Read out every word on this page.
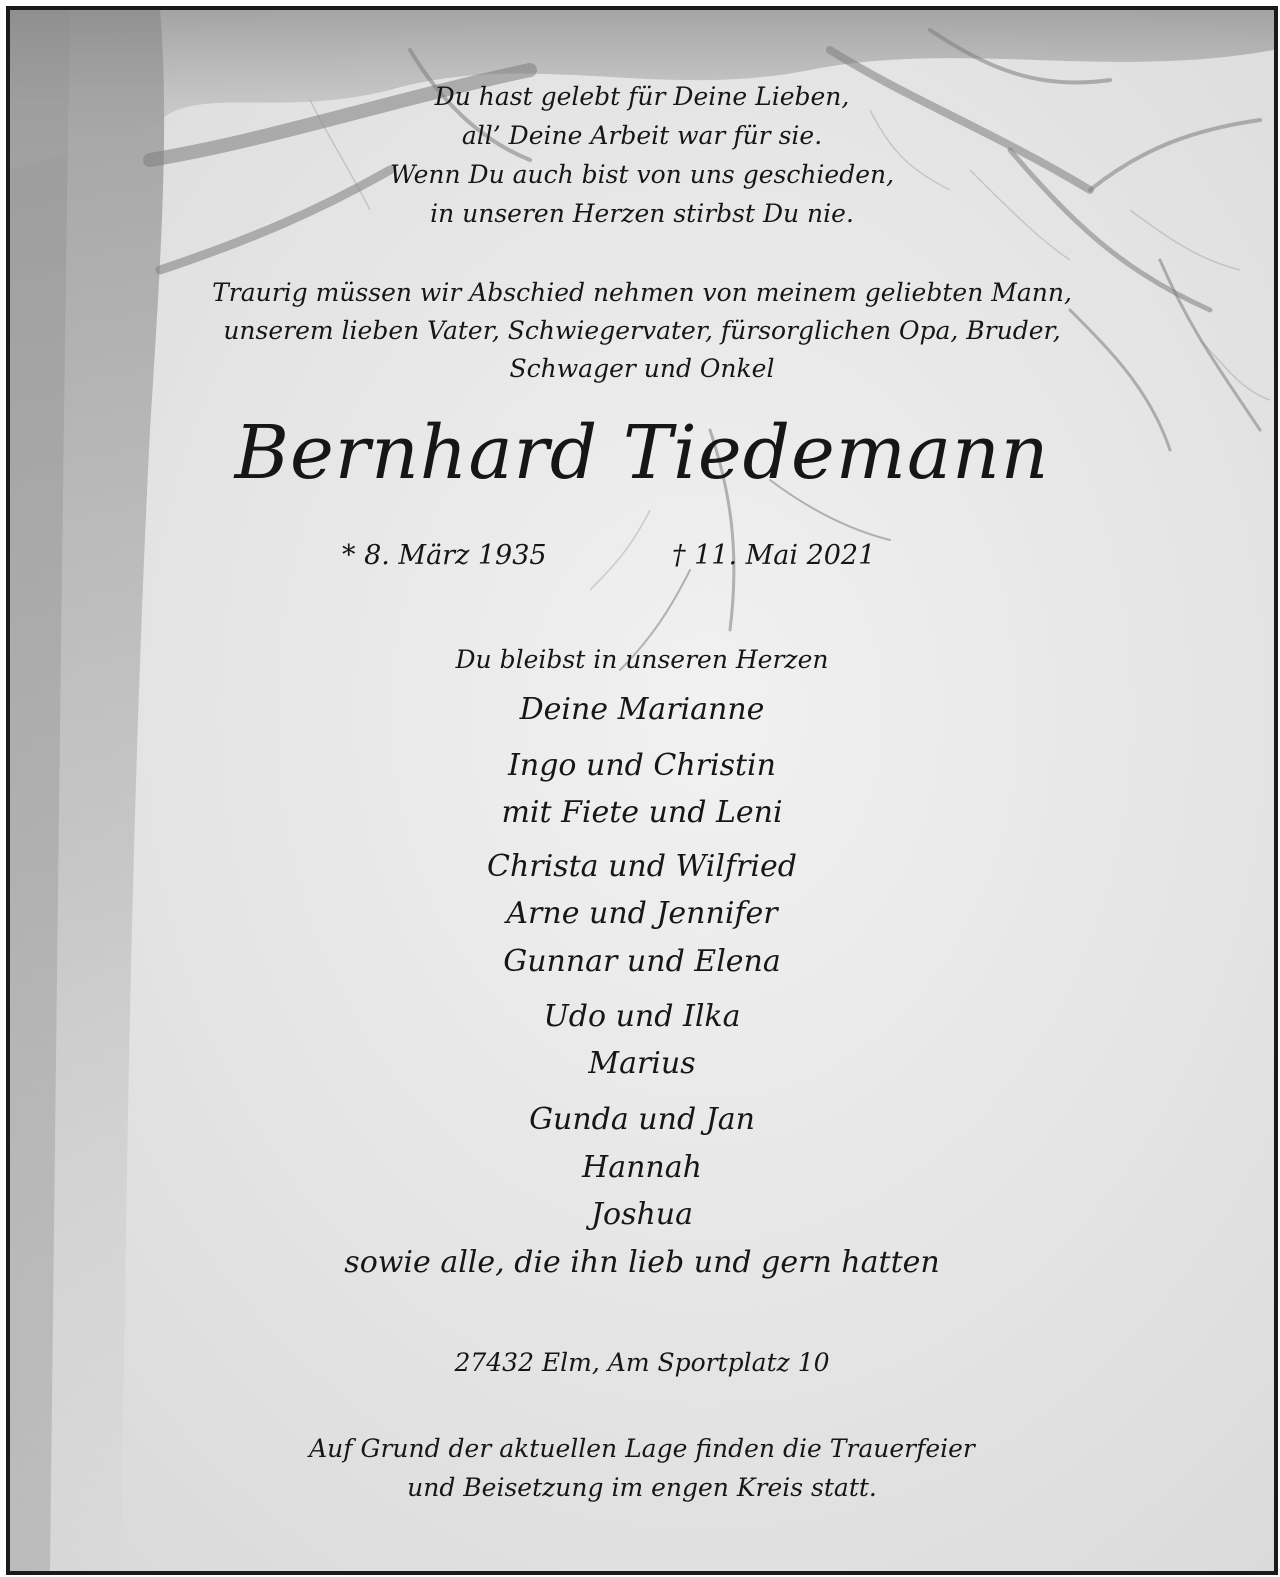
Du hast gelebt für Deine Lieben,
all’ Deine Arbeit war für sie.
Wenn Du auch bist von uns geschieden,
in unseren Herzen stirbst Du nie.
Traurig müssen wir Abschied nehmen von meinem geliebten Mann,
unserem lieben Vater, Schwiegervater, fürsorglichen Opa, Bruder,
Schwager und Onkel
Bernhard Tiedemann
* 8. März 1935	† 11. Mai 2021
Du bleibst in unseren Herzen
Deine Marianne
Ingo und Christin
mit Fiete und Leni
Christa und Wilfried
Arne und Jennifer
Gunnar und Elena
Udo und Ilka
Marius
Gunda und Jan
Hannah
Joshua
sowie alle, die ihn lieb und gern hatten
27432 Elm, Am Sportplatz 10
Auf Grund der aktuellen Lage finden die Trauerfeier
und Beisetzung im engen Kreis statt.
